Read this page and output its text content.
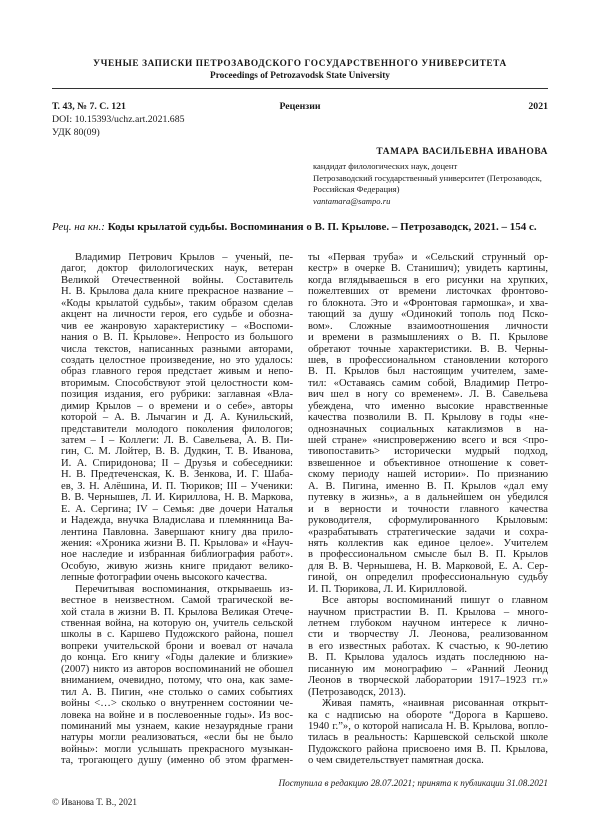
УЧЕНЫЕ ЗАПИСКИ ПЕТРОЗАВОДСКОГО ГОСУДАРСТВЕННОГО УНИВЕРСИТЕТА
Proceedings of Petrozavodsk State University
Т. 43, № 7. С. 121	Рецензии	2021
DOI: 10.15393/uchz.art.2021.685
УДК 80(09)
ТАМАРА ВАСИЛЬЕВНА ИВАНОВА
кандидат филологических наук, доцент
Петрозаводский государственный университет (Петрозаводск, Российская Федерация)
vantamara@sampo.ru
Рец. на кн.: Коды крылатой судьбы. Воспоминания о В. П. Крылове. – Петрозаводск, 2021. – 154 с.
Владимир Петрович Крылов – ученый, пе-
дагог, доктор филологических наук, ветеран
Великой Отечественной войны. Составитель
Н. В. Крылова дала книге прекрасное название –
«Коды крылатой судьбы», таким образом сделав
акцент на личности героя, его судьбе и обозна-
чив ее жанровую характеристику – «Воспоми-
нания о В. П. Крылове». Непросто из большого
числа текстов, написанных разными авторами,
создать целостное произведение, но это удалось:
образ главного героя предстает живым и непо-
вторимым. Способствуют этой целостности ком-
позиция издания, его рубрики: заглавная «Вла-
димир Крылов – о времени и о себе», авторы
которой – А. В. Лычагин и Д. А. Кунильский,
представители молодого поколения филологов;
затем – I – Коллеги: Л. В. Савельева, А. В. Пи-
гин, С. М. Лойтер, В. В. Дудкин, Т. В. Иванова,
И. А. Спиридонова; II – Друзья и собеседники:
Н. В. Предтеченская, К. В. Зенкова, И. Г. Шаба-
ев, З. Н. Алёшина, И. П. Тюриков; III – Ученики:
В. В. Чернышев, Л. И. Кириллова, Н. В. Маркова,
Е. А. Сергина; IV – Семья: две дочери Наталья
и Надежда, внучка Владислава и племянница Ва-
лентина Павловна. Завершают книгу два прило-
жения: «Хроника жизни В. П. Крылова» и «Науч-
ное наследие и избранная библиография работ».
Особую, живую жизнь книге придают велико-
лепные фотографии очень высокого качества.
Перечитывая воспоминания, открываешь из-
вестное в неизвестном. Самой трагической ве-
хой стала в жизни В. П. Крылова Великая Отече-
ственная война, на которую он, учитель сельской
школы в с. Каршево Пудожского района, пошел
вопреки учительской брони и воевал от начала
до конца. Его книгу «Годы далекие и близкие»
(2007) никто из авторов воспоминаний не обошел
вниманием, очевидно, потому, что она, как заме-
тил А. В. Пигин, «не столько о самих событиях
войны <…> сколько о внутреннем состоянии че-
ловека на войне и в послевоенные годы». Из вос-
поминаний мы узнаем, какие незаурядные грани
натуры могли реализоваться, «если бы не было
войны»: могли услышать прекрасного музыкан-
та, трогающего душу (именно об этом фрагмен-
ты «Первая труба» и «Сельский струнный ор-
кестр» в очерке В. Станишич); увидеть картины,
когда вглядываешься в его рисунки на хрупких,
пожелтевших от времени листочках фронтово-
го блокнота. Это и «Фронтовая гармошка», и хва-
тающий за душу «Одинокий тополь под Пско-
вом». Сложные взаимоотношения личности
и времени в размышлениях о В. П. Крылове
обретают точные характеристики. В. В. Черны-
шев, в профессиональном становлении которого
В. П. Крылов был настоящим учителем, заме-
тил: «Оставаясь самим собой, Владимир Петро-
вич шел в ногу со временем». Л. В. Савельева
убеждена, что именно высокие нравственные
качества позволили В. П. Крылову в годы «не-
однозначных социальных катаклизмов в на-
шей стране» «ниспровержению всего и вся <про-
тивопоставить> исторически мудрый подход,
взвешенное и объективное отношение к совет-
скому периоду нашей истории». По признанию
А. В. Пигина, именно В. П. Крылов «дал ему
путевку в жизнь», а в дальнейшем он убедился
и в верности и точности главного качества
руководителя, сформулированного Крыловым:
«разрабатывать стратегические задачи и сохра-
нять коллектив как единое целое». Учителем
в профессиональном смысле был В. П. Крылов
для В. В. Чернышева, Н. В. Марковой, Е. А. Сер-
гиной, он определил профессиональную судьбу
И. П. Тюрикова, Л. И. Кирилловой.
Все авторы воспоминаний пишут о главном
научном пристрастии В. П. Крылова – много-
летнем глубоком научном интересе к лично-
сти и творчеству Л. Леонова, реализованном
в его известных работах. К счастью, к 90-летию
В. П. Крылова удалось издать последнюю на-
писанную им монографию – «Ранний Леонид
Леонов в творческой лаборатории 1917–1923 гг.»
(Петрозаводск, 2013).
Живая память, «наивная рисованная открыт-
ка с надписью на обороте “Дорога в Каршево.
1940 г.”», о которой написала Н. В. Крылова, вопло-
тилась в реальность: Каршевской сельской школе
Пудожского района присвоено имя В. П. Крылова,
о чем свидетельствует памятная доска.
Поступила в редакцию 28.07.2021; принята к публикации 31.08.2021
© Иванова Т. В., 2021
